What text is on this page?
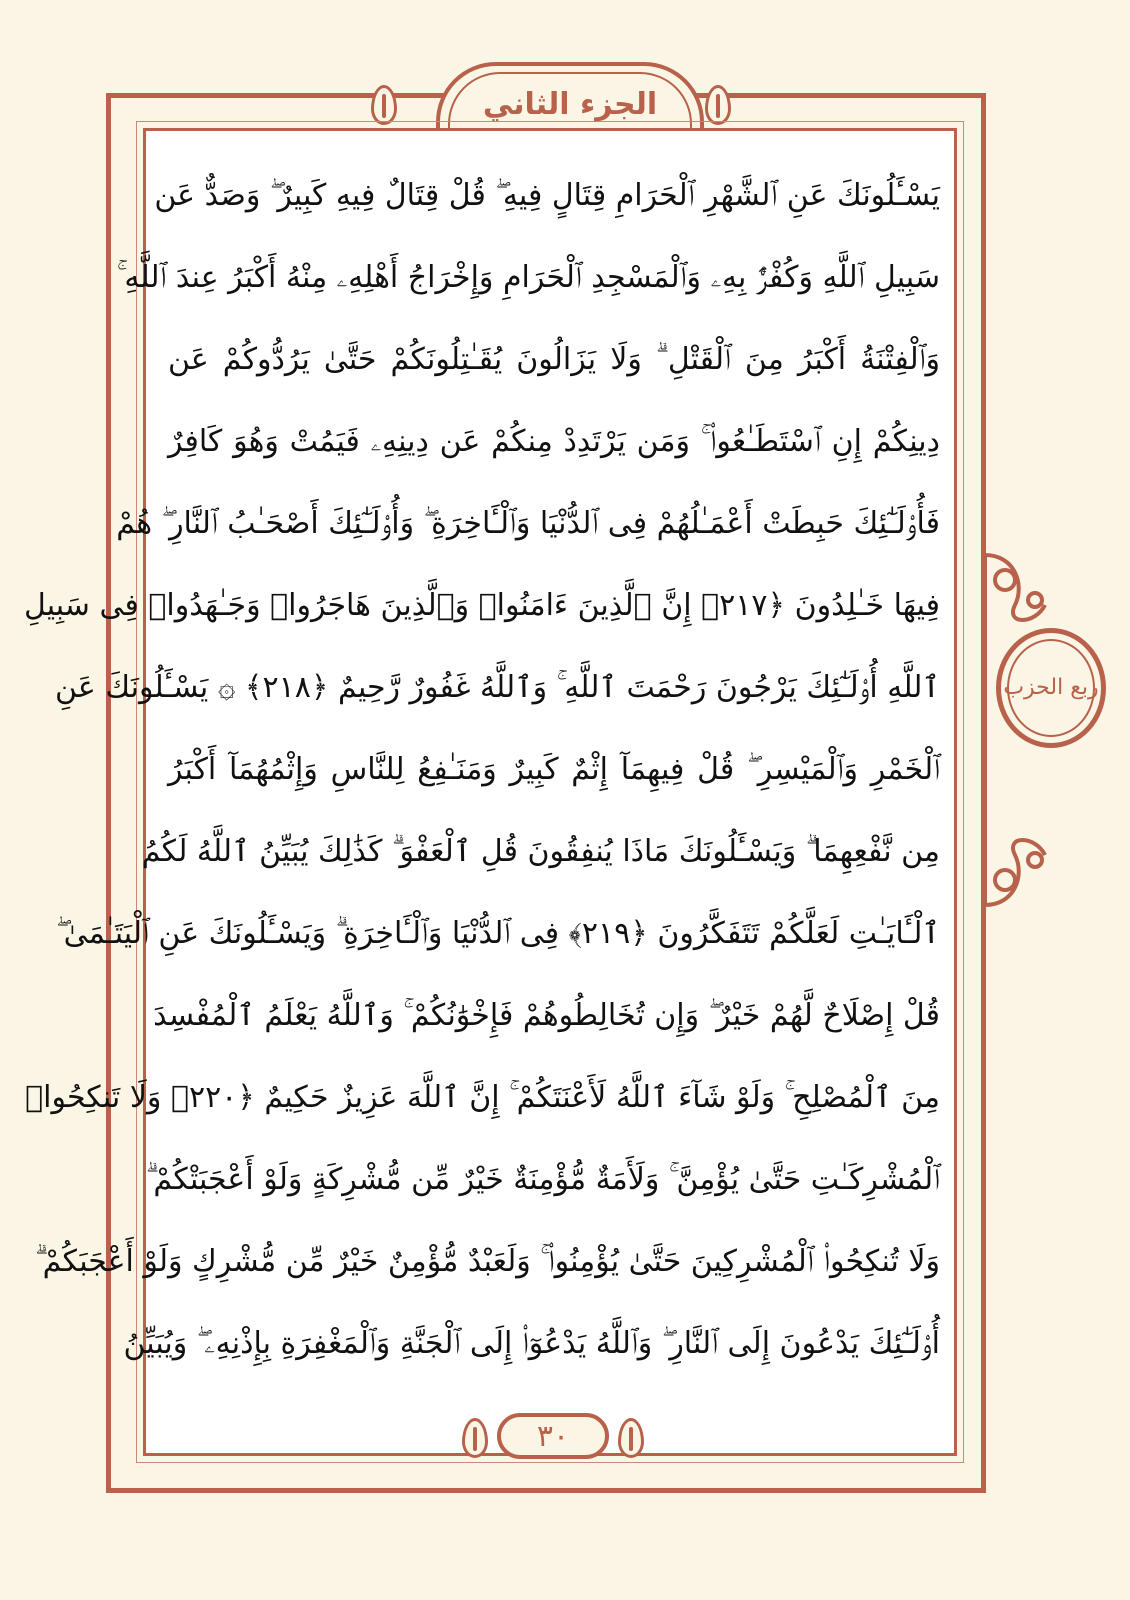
الجزء الثاني
يَسْـَٔلُونَكَ عَنِ ٱلشَّهْرِ ٱلْحَرَامِ قِتَالٍ فِيهِ ۖ قُلْ قِتَالٌ فِيهِ كَبِيرٌ ۖ وَصَدٌّ عَن
سَبِيلِ ٱللَّهِ وَكُفْرٌۢ بِهِۦ وَٱلْمَسْجِدِ ٱلْحَرَامِ وَإِخْرَاجُ أَهْلِهِۦ مِنْهُ أَكْبَرُ عِندَ ٱللَّهِ ۚ
وَٱلْفِتْنَةُ أَكْبَرُ مِنَ ٱلْقَتْلِ ۗ وَلَا يَزَالُونَ يُقَـٰتِلُونَكُمْ حَتَّىٰ يَرُدُّوكُمْ عَن
دِينِكُمْ إِنِ ٱسْتَطَـٰعُوا۟ ۚ وَمَن يَرْتَدِدْ مِنكُمْ عَن دِينِهِۦ فَيَمُتْ وَهُوَ كَافِرٌ
فَأُو۟لَـٰٓئِكَ حَبِطَتْ أَعْمَـٰلُهُمْ فِى ٱلدُّنْيَا وَٱلْـَٔاخِرَةِ ۖ وَأُو۟لَـٰٓئِكَ أَصْحَـٰبُ ٱلنَّارِ ۖ هُمْ
فِيهَا خَـٰلِدُونَ ﴿٢١٧﴾ إِنَّ ٱلَّذِينَ ءَامَنُوا۟ وَٱلَّذِينَ هَاجَرُوا۟ وَجَـٰهَدُوا۟ فِى سَبِيلِ
ٱللَّهِ أُو۟لَـٰٓئِكَ يَرْجُونَ رَحْمَتَ ٱللَّهِ ۚ وَٱللَّهُ غَفُورٌ رَّحِيمٌ ﴿٢١٨﴾ ۞ يَسْـَٔلُونَكَ عَنِ
ٱلْخَمْرِ وَٱلْمَيْسِرِ ۖ قُلْ فِيهِمَآ إِثْمٌ كَبِيرٌ وَمَنَـٰفِعُ لِلنَّاسِ وَإِثْمُهُمَآ أَكْبَرُ
مِن نَّفْعِهِمَا ۗ وَيَسْـَٔلُونَكَ مَاذَا يُنفِقُونَ قُلِ ٱلْعَفْوَ ۗ كَذَٰلِكَ يُبَيِّنُ ٱللَّهُ لَكُمُ
ٱلْـَٔايَـٰتِ لَعَلَّكُمْ تَتَفَكَّرُونَ ﴿٢١٩﴾ فِى ٱلدُّنْيَا وَٱلْـَٔاخِرَةِ ۗ وَيَسْـَٔلُونَكَ عَنِ ٱلْيَتَـٰمَىٰ ۖ
قُلْ إِصْلَاحٌ لَّهُمْ خَيْرٌ ۖ وَإِن تُخَالِطُوهُمْ فَإِخْوَٰنُكُمْ ۚ وَٱللَّهُ يَعْلَمُ ٱلْمُفْسِدَ
مِنَ ٱلْمُصْلِحِ ۚ وَلَوْ شَآءَ ٱللَّهُ لَأَعْنَتَكُمْ ۚ إِنَّ ٱللَّهَ عَزِيزٌ حَكِيمٌ ﴿٢٢٠﴾ وَلَا تَنكِحُوا۟
ٱلْمُشْرِكَـٰتِ حَتَّىٰ يُؤْمِنَّ ۚ وَلَأَمَةٌ مُّؤْمِنَةٌ خَيْرٌ مِّن مُّشْرِكَةٍ وَلَوْ أَعْجَبَتْكُمْ ۗ
وَلَا تُنكِحُوا۟ ٱلْمُشْرِكِينَ حَتَّىٰ يُؤْمِنُوا۟ ۚ وَلَعَبْدٌ مُّؤْمِنٌ خَيْرٌ مِّن مُّشْرِكٍ وَلَوْ أَعْجَبَكُمْ ۗ
أُو۟لَـٰٓئِكَ يَدْعُونَ إِلَى ٱلنَّارِ ۖ وَٱللَّهُ يَدْعُوٓا۟ إِلَى ٱلْجَنَّةِ وَٱلْمَغْفِرَةِ بِإِذْنِهِۦ ۖ وَيُبَيِّنُ
ربع الحزب
٣٠
